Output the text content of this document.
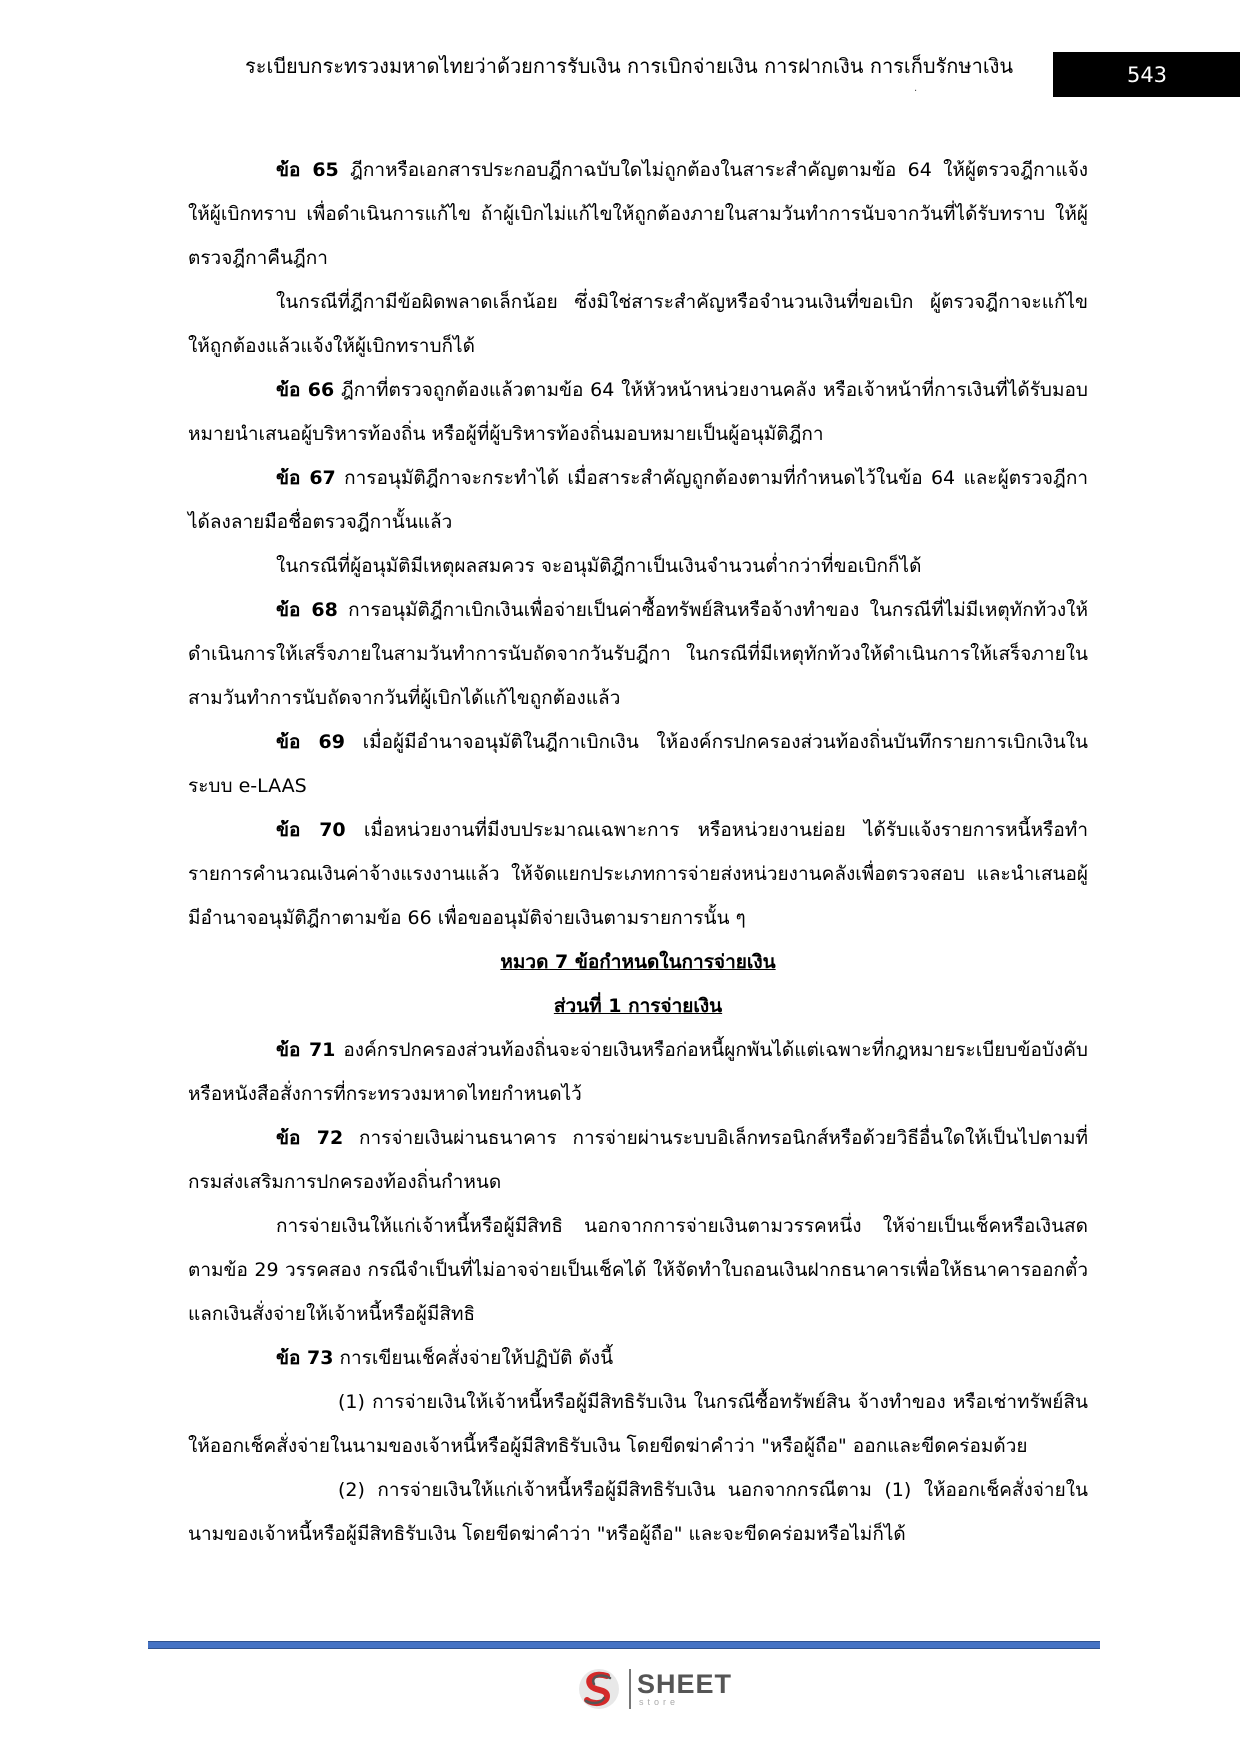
ระเบียบกระทรวงมหาดไทยว่าด้วยการรับเงิน การเบิกจ่ายเงิน การฝากเงิน การเก็บรักษาเงิน
.
543

ข้อ 65 ฎีกาหรือเอกสารประกอบฎีกาฉบับใดไม่ถูกต้องในสาระสำคัญตามข้อ 64 ให้ผู้ตรวจฎีกาแจ้งให้ผู้เบิกทราบ เพื่อดำเนินการแก้ไข ถ้าผู้เบิกไม่แก้ไขให้ถูกต้องภายในสามวันทำการนับจากวันที่ได้รับทราบ ให้ผู้ตรวจฎีกาคืนฎีกา

ในกรณีที่ฎีกามีข้อผิดพลาดเล็กน้อย ซึ่งมิใช่สาระสำคัญหรือจำนวนเงินที่ขอเบิก ผู้ตรวจฎีกาจะแก้ไขให้ถูกต้องแล้วแจ้งให้ผู้เบิกทราบก็ได้

ข้อ 66 ฎีกาที่ตรวจถูกต้องแล้วตามข้อ 64 ให้หัวหน้าหน่วยงานคลัง หรือเจ้าหน้าที่การเงินที่ได้รับมอบหมายนำเสนอผู้บริหารท้องถิ่น หรือผู้ที่ผู้บริหารท้องถิ่นมอบหมายเป็นผู้อนุมัติฎีกา

ข้อ 67 การอนุมัติฎีกาจะกระทำได้ เมื่อสาระสำคัญถูกต้องตามที่กำหนดไว้ในข้อ 64 และผู้ตรวจฎีกาได้ลงลายมือชื่อตรวจฎีกานั้นแล้ว

ในกรณีที่ผู้อนุมัติมีเหตุผลสมควร จะอนุมัติฎีกาเป็นเงินจำนวนต่ำกว่าที่ขอเบิกก็ได้

ข้อ 68 การอนุมัติฎีกาเบิกเงินเพื่อจ่ายเป็นค่าซื้อทรัพย์สินหรือจ้างทำของ ในกรณีที่ไม่มีเหตุทักท้วงให้ดำเนินการให้เสร็จภายในสามวันทำการนับถัดจากวันรับฎีกา ในกรณีที่มีเหตุทักท้วงให้ดำเนินการให้เสร็จภายในสามวันทำการนับถัดจากวันที่ผู้เบิกได้แก้ไขถูกต้องแล้ว

ข้อ 69 เมื่อผู้มีอำนาจอนุมัติในฎีกาเบิกเงิน ให้องค์กรปกครองส่วนท้องถิ่นบันทึกรายการเบิกเงินในระบบ e-LAAS

ข้อ 70 เมื่อหน่วยงานที่มีงบประมาณเฉพาะการ หรือหน่วยงานย่อย ได้รับแจ้งรายการหนี้หรือทำรายการคำนวณเงินค่าจ้างแรงงานแล้ว ให้จัดแยกประเภทการจ่ายส่งหน่วยงานคลังเพื่อตรวจสอบ และนำเสนอผู้มีอำนาจอนุมัติฎีกาตามข้อ 66 เพื่อขออนุมัติจ่ายเงินตามรายการนั้น ๆ

หมวด 7 ข้อกำหนดในการจ่ายเงิน

ส่วนที่ 1 การจ่ายเงิน

ข้อ 71 องค์กรปกครองส่วนท้องถิ่นจะจ่ายเงินหรือก่อหนี้ผูกพันได้แต่เฉพาะที่กฎหมายระเบียบข้อบังคับ หรือหนังสือสั่งการที่กระทรวงมหาดไทยกำหนดไว้

ข้อ 72 การจ่ายเงินผ่านธนาคาร การจ่ายผ่านระบบอิเล็กทรอนิกส์หรือด้วยวิธีอื่นใดให้เป็นไปตามที่กรมส่งเสริมการปกครองท้องถิ่นกำหนด

การจ่ายเงินให้แก่เจ้าหนี้หรือผู้มีสิทธิ นอกจากการจ่ายเงินตามวรรคหนึ่ง ให้จ่ายเป็นเช็คหรือเงินสดตามข้อ 29 วรรคสอง กรณีจำเป็นที่ไม่อาจจ่ายเป็นเช็คได้ ให้จัดทำใบถอนเงินฝากธนาคารเพื่อให้ธนาคารออกตั๋วแลกเงินสั่งจ่ายให้เจ้าหนี้หรือผู้มีสิทธิ

ข้อ 73 การเขียนเช็คสั่งจ่ายให้ปฏิบัติ ดังนี้

(1) การจ่ายเงินให้เจ้าหนี้หรือผู้มีสิทธิรับเงิน ในกรณีซื้อทรัพย์สิน จ้างทำของ หรือเช่าทรัพย์สินให้ออกเช็คสั่งจ่ายในนามของเจ้าหนี้หรือผู้มีสิทธิรับเงิน โดยขีดฆ่าคำว่า "หรือผู้ถือ" ออกและขีดคร่อมด้วย

(2) การจ่ายเงินให้แก่เจ้าหนี้หรือผู้มีสิทธิรับเงิน นอกจากกรณีตาม (1) ให้ออกเช็คสั่งจ่ายในนามของเจ้าหนี้หรือผู้มีสิทธิรับเงิน โดยขีดฆ่าคำว่า "หรือผู้ถือ" และจะขีดคร่อมหรือไม่ก็ได้

SHEET
store
